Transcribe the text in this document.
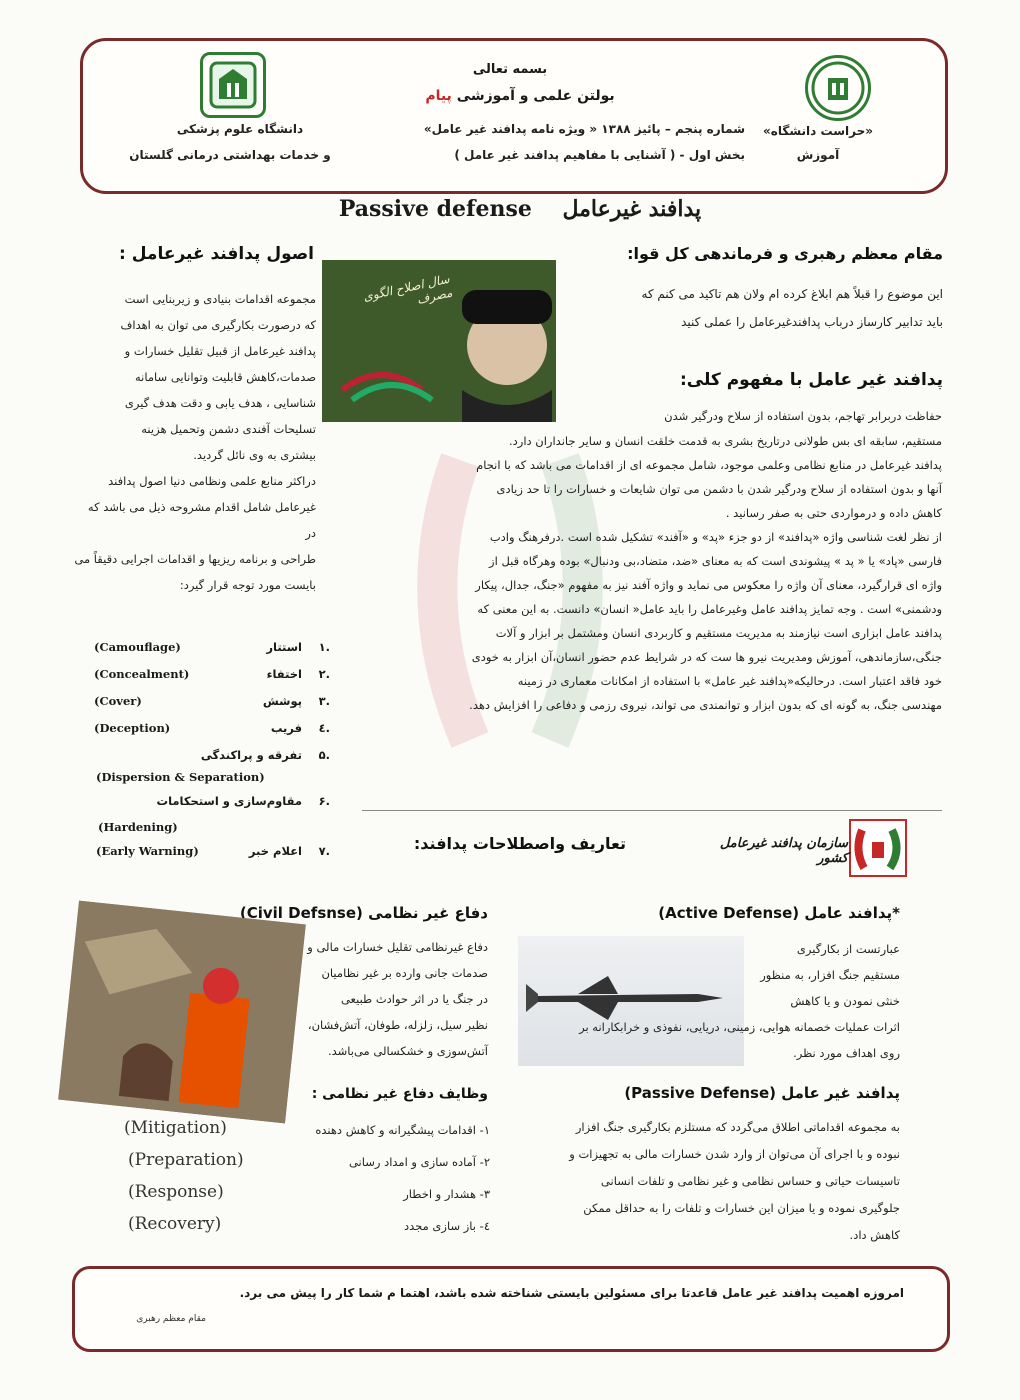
«حراست دانشگاه»
آموزش
دانشگاه علوم پزشکی
و خدمات بهداشتی درمانی گلستان
بسمه تعالی
بولتن علمی و آموزشی پیام
شماره پنجم – پائیز ۱۳۸۸ « ویژه نامه پدافند غیر عامل»
بخش اول - ( آشنایی با مفاهیم پدافند غیر عامل )
Passive defense پدافند غیرعامل
مقام معظم رهبری و فرماندهی کل قوا:
این موضوع را قبلاً هم ابلاغ کرده ام ولان هم تاکید می کنم که
باید تدابیر کارساز درباب پدافندغیرعامل را عملی کنید
سال اصلاح الگوی مصرف
پدافند غیر عامل با مفهوم کلی:
حفاظت دربرابر تهاجم، بدون استفاده از سلاح ودرگیر شدن
مستقیم، سابقه ای بس طولانی درتاریخ بشری به قدمت خلقت انسان و سایر جانداران دارد.
پدافند غیرعامل در منابع نظامی وعلمی موجود، شامل مجموعه ای از اقدامات می باشد که با انجام
آنها و بدون استفاده از سلاح ودرگیر شدن با دشمن می توان شایعات و خسارات را تا حد زیادی
کاهش داده و درمواردی حتی به صفر رسانید .
از نظر لغت شناسی واژه «پدافند» از دو جزء «پد» و «آفند» تشکیل شده است .درفرهنگ وادب
فارسی «پاد» یا « پد » پیشوندی است که به معنای «ضد، متضاد،بی ودنبال» بوده وهرگاه قبل از
واژه ای قرارگیرد، معنای آن واژه را معکوس می نماید و واژه آفند نیز به مفهوم «جنگ، جدال، پیکار
ودشمنی» است . وجه تمایز پدافند عامل وغیرعامل را باید عامل« انسان» دانست. به این معنی که
پدافند عامل ابزاری است نیازمند به مدیریت مستقیم و کاربردی انسان ومشتمل بر ابزار و آلات
جنگی،سازماندهی، آموزش ومدیریت نیرو ها ست که در شرایط عدم حضور انسان،آن ابزار به خودی
خود فاقد اعتبار است. درحالیکه«پدافند غیر عامل» با استفاده از امکانات معماری در زمینه
مهندسی جنگ، به گونه ای که بدون ابزار و توانمندی می تواند، نیروی رزمی و دفاعی را افزایش دهد.
اصول پدافند غیرعامل :
مجموعه اقدامات بنیادی و زیربنایی است
که درصورت بکارگیری می توان به اهداف
پدافند غیرعامل از قبیل تقلیل خسارات و
صدمات،کاهش قابلیت وتوانایی سامانه
شناسایی ، هدف یابی و دقت هدف گیری
تسلیحات آفندی دشمن وتحمیل هزینه
بیشتری به وی نائل گردید.
دراکثر منابع علمی ونظامی دنیا اصول پدافند
غیرعامل شامل اقدام مشروحه ذیل می باشد که در
طراحی و برنامه ریزیها و اقدامات اجرایی دقیقاً می
بایست مورد توجه قرار گیرد:
۱.
استتار
(Camouflage)
۲.
اختفاء
(Concealment)
۳.
پوشش
(Cover)
٤.
فریب
(Deception)
۵.
تفرقه و پراکندگی
(Dispersion & Separation)
۶.
مقاوم‌سازی و استحکامات
(Hardening)
۷.
اعلام خبر
(Early Warning)	سازمان پدافند غیرعامل کشور
تعاریف واصطلاحات پدافند:
*پدافند عامل (Active Defense)
عبارتست از بکارگیری
مستقیم جنگ افزار، به منظور
خنثی نمودن و یا کاهش
اثرات عملیات خصمانه هوایی، زمینی، دریایی، نفوذی و خرابکارانه بر
روی اهداف مورد نظر.
پدافند غیر عامل (Passive Defense)
به مجموعه اقداماتی اطلاق می‌گردد که مستلزم بکارگیری جنگ افزار
نبوده و با اجرای آن می‌توان از وارد شدن خسارات مالی به تجهیزات و
تاسیسات حیاتی و حساس نظامی و غیر نظامی و تلفات انسانی
جلوگیری نموده و یا میزان این خسارات و تلفات را به حداقل ممکن
کاهش داد.
دفاع غیر نظامی (Civil Defsnse)
دفاع غیرنظامی تقلیل خسارات مالی و
صدمات جانی وارده بر غیر نظامیان
در جنگ یا در اثر حوادث طبیعی
نظیر سیل، زلزله، طوفان، آتش‌فشان،
آتش‌سوزی و خشکسالی می‌باشد.
وظایف دفاع غیر نظامی :
۱- اقدامات پیشگیرانه و کاهش دهنده
(Mitigation)
۲- آماده سازی و امداد رسانی
(Preparation)
۳- هشدار و اخطار
(Response)
٤- باز سازی مجدد
(Recovery)
امروزه اهمیت پدافند غیر عامل قاعدتا برای مسئولین بایستی شناخته شده باشد، اهتما م شما کار را پیش می برد.
مقام معظم رهبری
